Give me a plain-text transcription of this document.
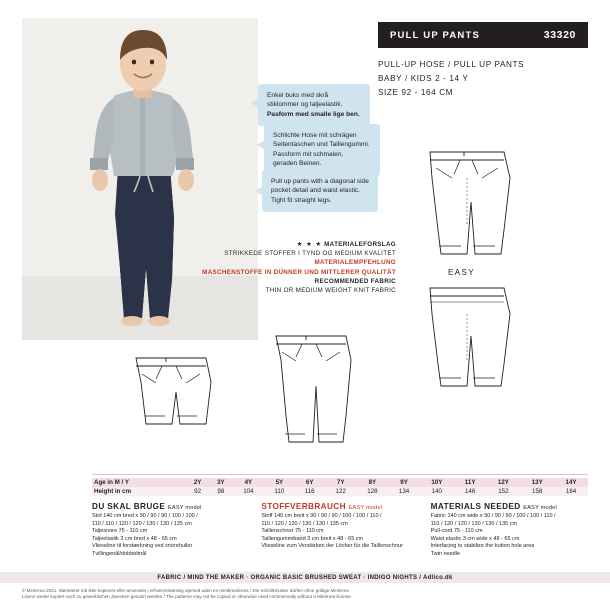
PULL UP PANTS	33320
PULL-UP HOSE / PULL UP PANTS
BABY / KIDS 2 - 14 Y
SIZE 92 - 164 CM
Enkel buks med skrå
stiklommer og taljeelastik.
Pasform med smalle lige ben.
Schlichte Hose mit schrägen
Seitentaschen und Taillengummi.
Passform mit schmalen,
geraden Beinen.
Pull up pants with a diagonal side
pocket detail and waist elastic.
Tight fit straight legs.
★ ★ ★ MATERIALEFORSLAG
STRIKKEDE STOFFER I TYND OG MEDIUM KVALITET
MATERIALEMPFEHLUNG
MASCHENSTOFFE IN DÜNNER UND MITTLERER QUALITÄT
RECOMMENDED FABRIC
THIN OR MEDIUM WEIGHT KNIT FABRIC
EASY
Age in M / Y	2Y	3Y	4Y	5Y	6Y	7Y	8Y	9Y	10Y	11Y	12Y	13Y	14Y
Height in cm	92	98	104	110	116	122	128	134	140	146	152	158	164
DU SKAL BRUGE EASY model

Stof 140 cm bred x 90 / 90 / 90 / 100 / 100 /

110 / 110 / 120 / 120 / 130 / 130 / 135 cm

Taljesnore 75 - 110 cm

Taljeelastik 3 cm bred x 48 - 65 cm

Vlieseline til forstærkning ved snorehuller

Tvillingenål/dobbeltnål

STOFFVERBRAUCH EASY model

Stoff 140 cm breit x 90 / 90 / 90 / 100 / 100 / 110 /

110 / 120 / 120 / 130 / 130 / 135 cm

Taillenschnur 75 - 110 cm

Taillengummiband 3 cm breit x 48 - 65 cm

Vlieseline zum Verstärken der Löcher für die Taillenschnur

MATERIALS NEEDED EASY model

Fabric 140 cm wide x 90 / 90 / 90 / 100 / 100 / 110 /

110 / 120 / 120 / 130 / 130 / 135 cm

Pull-cord 75 - 110 cm

Waist elastic 3 cm wide x 48 - 65 cm

Interfacing to stabilize the button hole area

Twin needle

FABRIC / MIND THE MAKER · ORGANIC BASIC BRUSHED SWEAT · INDIGO NIGHTS / Adlico.dk
© MiniKrea 2021. Mønsteret må ikke kopieres eller anvendes i erhvervsmæssig øjemed uden en minikrealicens / Die Schnittmuster dürfen ohne gültige MiniKrea
Lizenz weder kopiert noch zu gewerblichen Zwecken genutzt werden / The patterns may not be copied or otherwise used commercially without a MiniKrea license
